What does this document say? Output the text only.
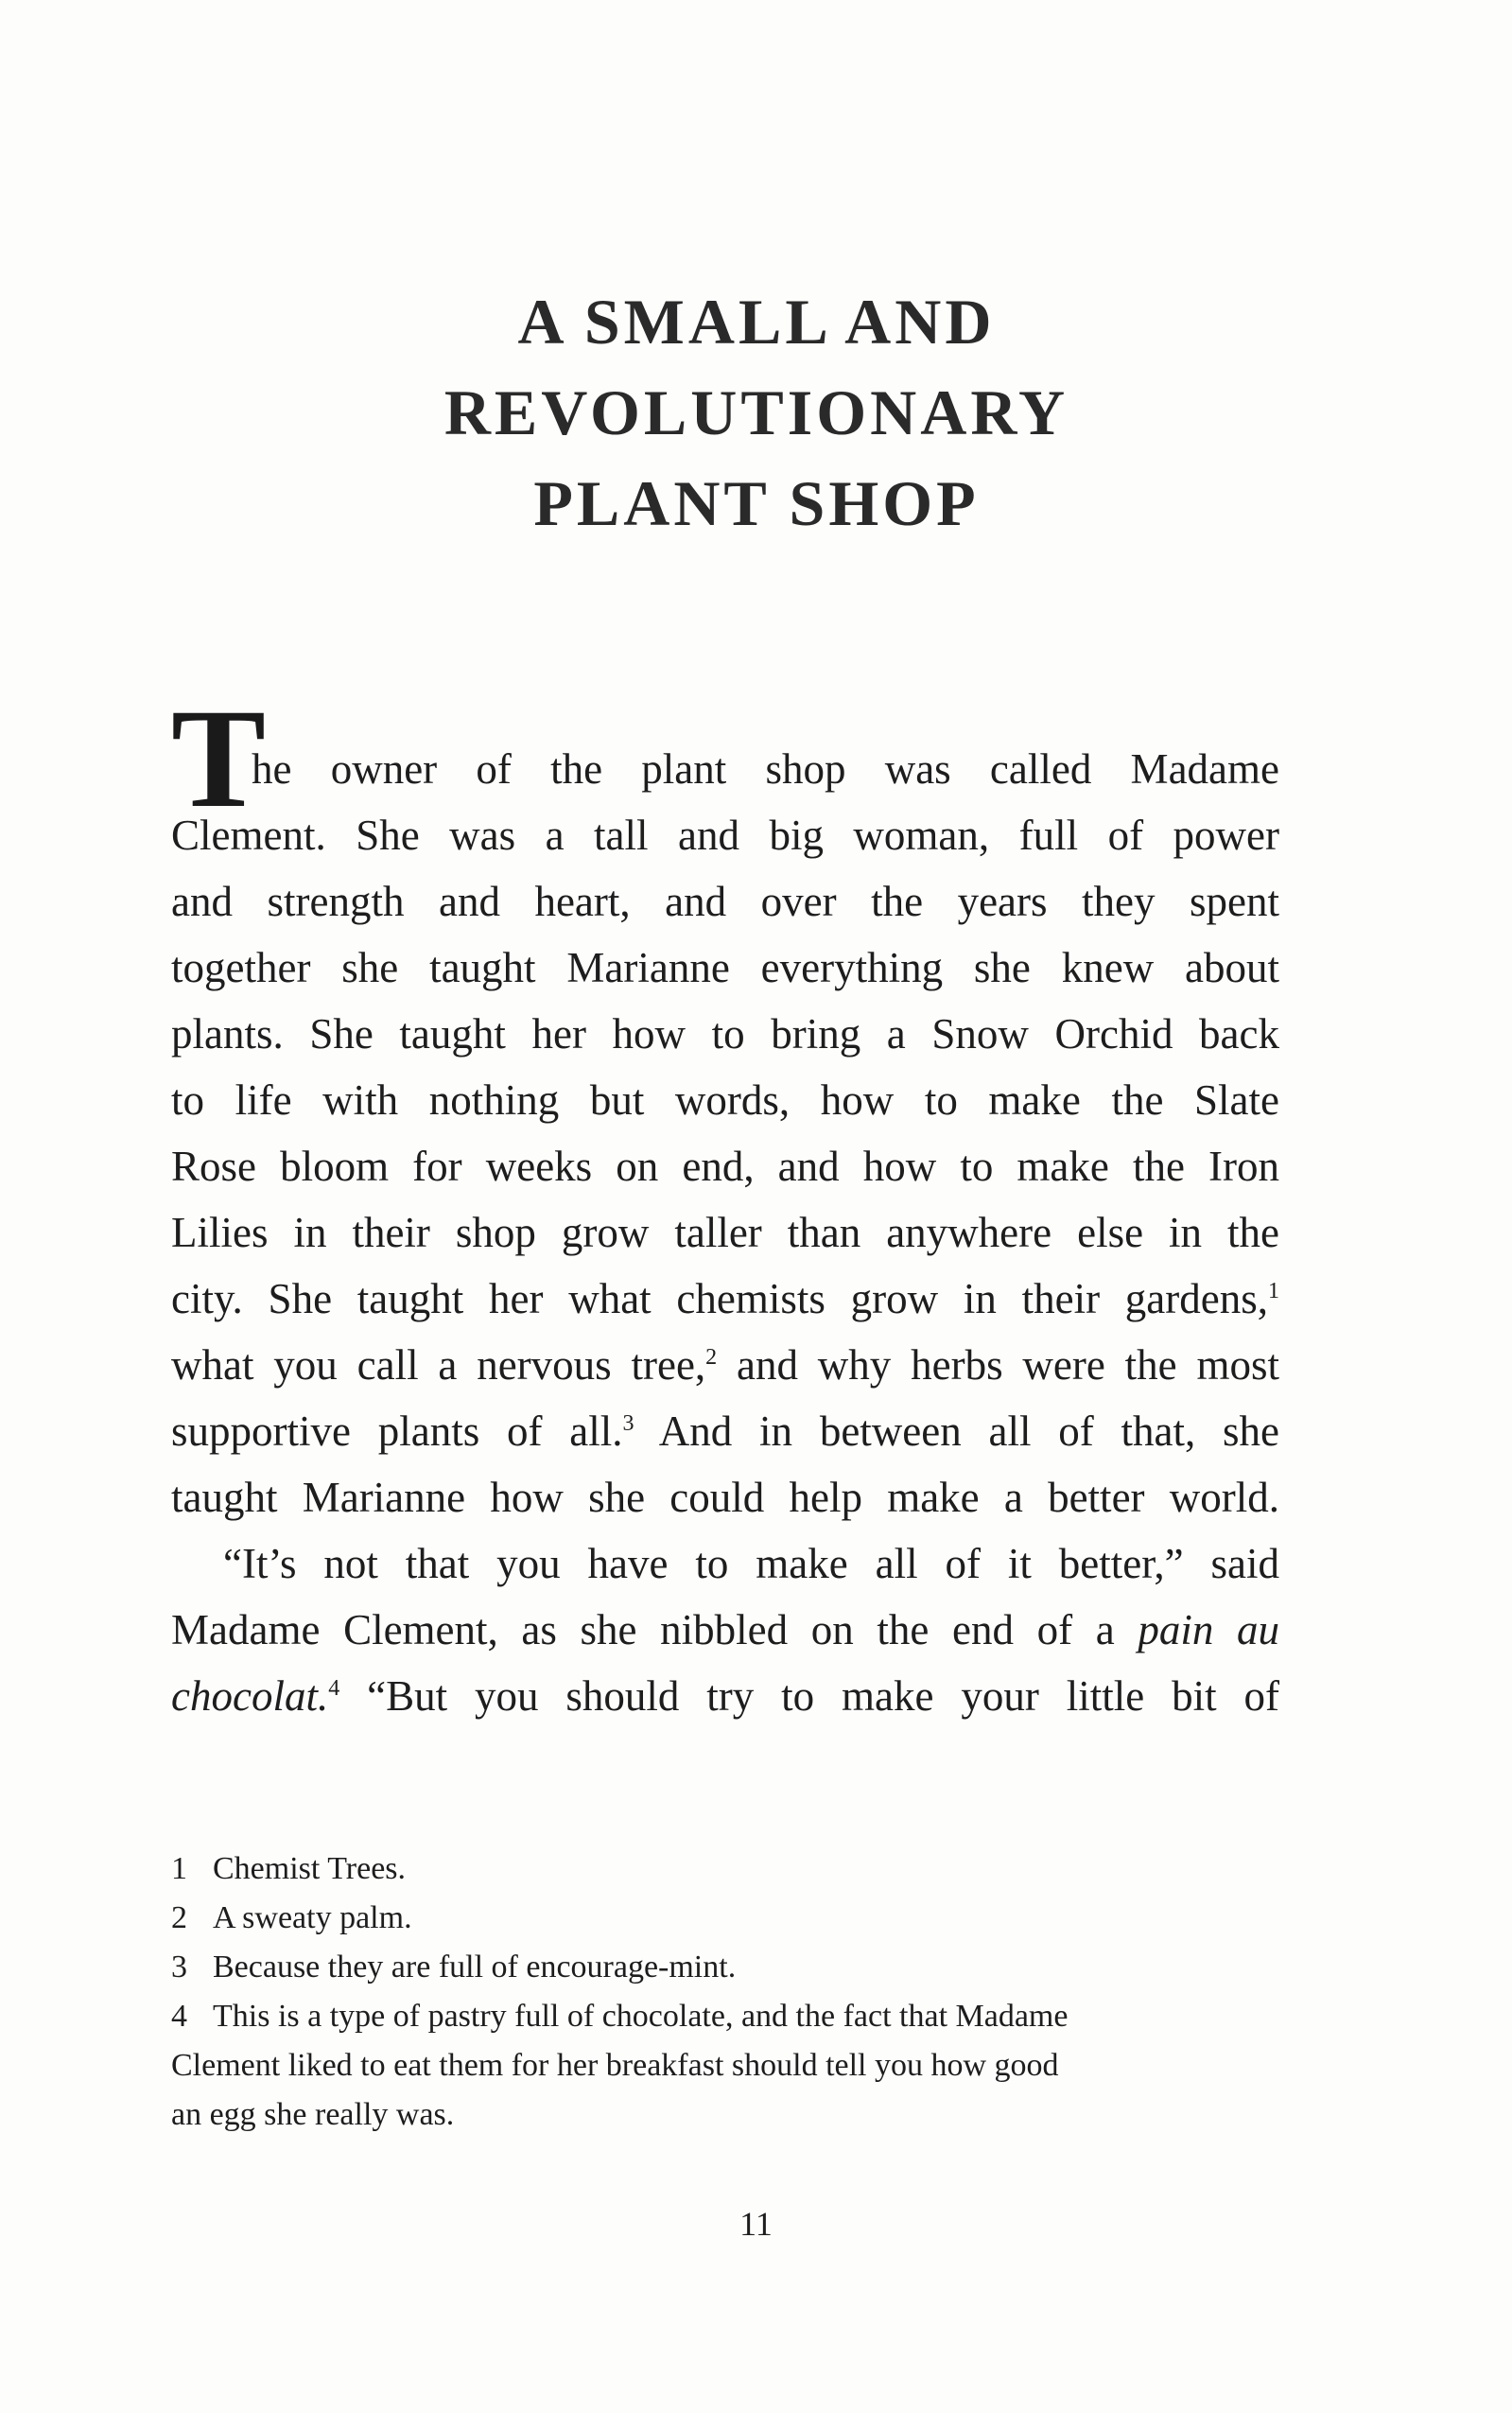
A SMALL AND
REVOLUTIONARY
PLANT SHOP
T
he owner of the plant shop was called Madame
Clement. She was a tall and big woman, full of power
and strength and heart, and over the years they spent
together she taught Marianne everything she knew about
plants. She taught her how to bring a Snow Orchid back
to life with nothing but words, how to make the Slate
Rose bloom for weeks on end, and how to make the Iron
Lilies in their shop grow taller than anywhere else in the
city. She taught her what chemists grow in their gardens,$^1$
what you call a nervous tree,$^2$ and why herbs were the most
supportive plants of all.$^3$ And in between all of that, she
taught Marianne how she could help make a better world.
“It’s not that you have to make all of it better,” said
Madame Clement, as she nibbled on the end of a pain au
chocolat.$^4$ “But you should try to make your little bit of
1 Chemist Trees.
2 A sweaty palm.
3 Because they are full of encourage-mint.
4 This is a type of pastry full of chocolate, and the fact that Madame
Clement liked to eat them for her breakfast should tell you how good
an egg she really was.
11
